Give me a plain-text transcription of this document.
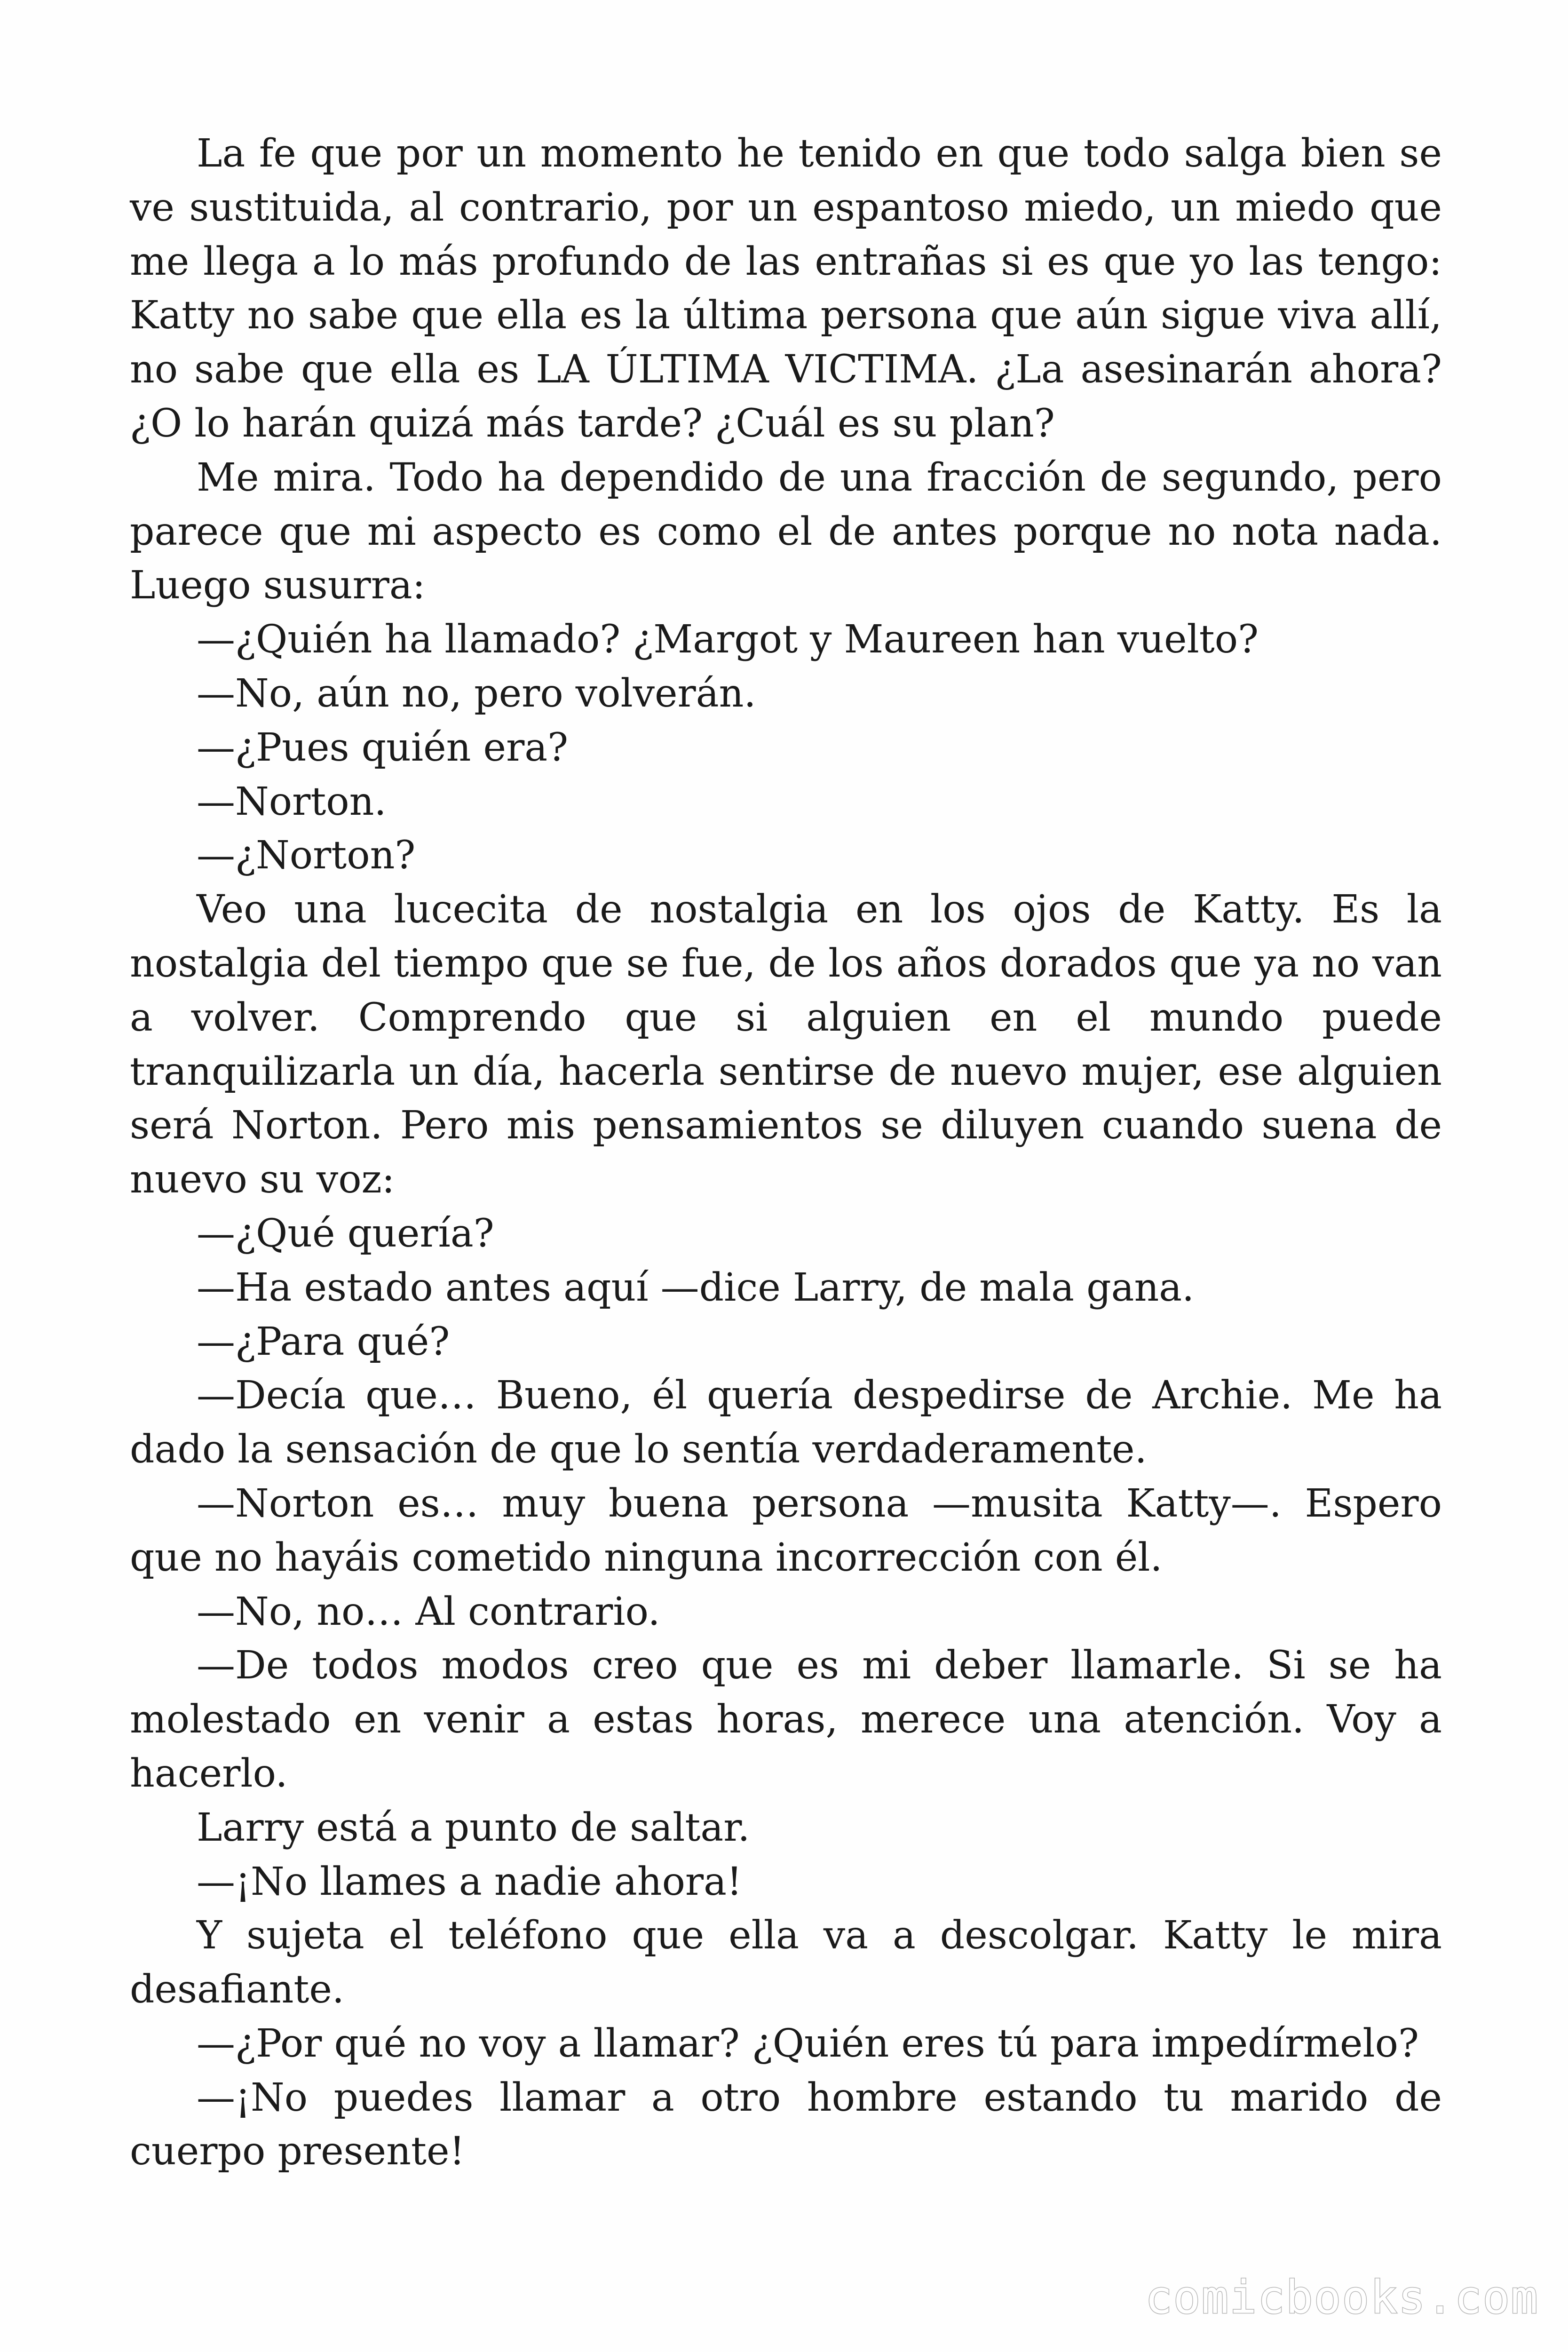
La fe que por un momento he tenido en que todo salga bien se ve sustituida, al contrario, por un espantoso miedo, un miedo que me llega a lo más profundo de las entrañas si es que yo las tengo: Katty no sabe que ella es la última persona que aún sigue viva allí, no sabe que ella es LA ÚLTIMA VICTIMA. ¿La asesinarán ahora? ¿O lo harán quizá más tarde? ¿Cuál es su plan?

Me mira. Todo ha dependido de una fracción de segundo, pero parece que mi aspecto es como el de antes porque no nota nada. Luego susurra:

—¿Quién ha llamado? ¿Margot y Maureen han vuelto?

—No, aún no, pero volverán.

—¿Pues quién era?

—Norton.

—¿Norton?

Veo una lucecita de nostalgia en los ojos de Katty. Es la nostalgia del tiempo que se fue, de los años dorados que ya no van a volver. Comprendo que si alguien en el mundo puede tranquilizarla un día, hacerla sentirse de nuevo mujer, ese alguien será Norton. Pero mis pensamientos se diluyen cuando suena de nuevo su voz:

—¿Qué quería?

—Ha estado antes aquí —dice Larry, de mala gana.

—¿Para qué?

—Decía que… Bueno, él quería despedirse de Archie. Me ha dado la sensación de que lo sentía verdaderamente.

—Norton es… muy buena persona —musita Katty—. Espero que no hayáis cometido ninguna incorrección con él.

—No, no… Al contrario.

—De todos modos creo que es mi deber llamarle. Si se ha molestado en venir a estas horas, merece una atención. Voy a hacerlo.

Larry está a punto de saltar.

—¡No llames a nadie ahora!

Y sujeta el teléfono que ella va a descolgar. Katty le mira desafiante.

—¿Por qué no voy a llamar? ¿Quién eres tú para impedírmelo?

—¡No puedes llamar a otro hombre estando tu marido de cuerpo presente!

comicbooks.com
